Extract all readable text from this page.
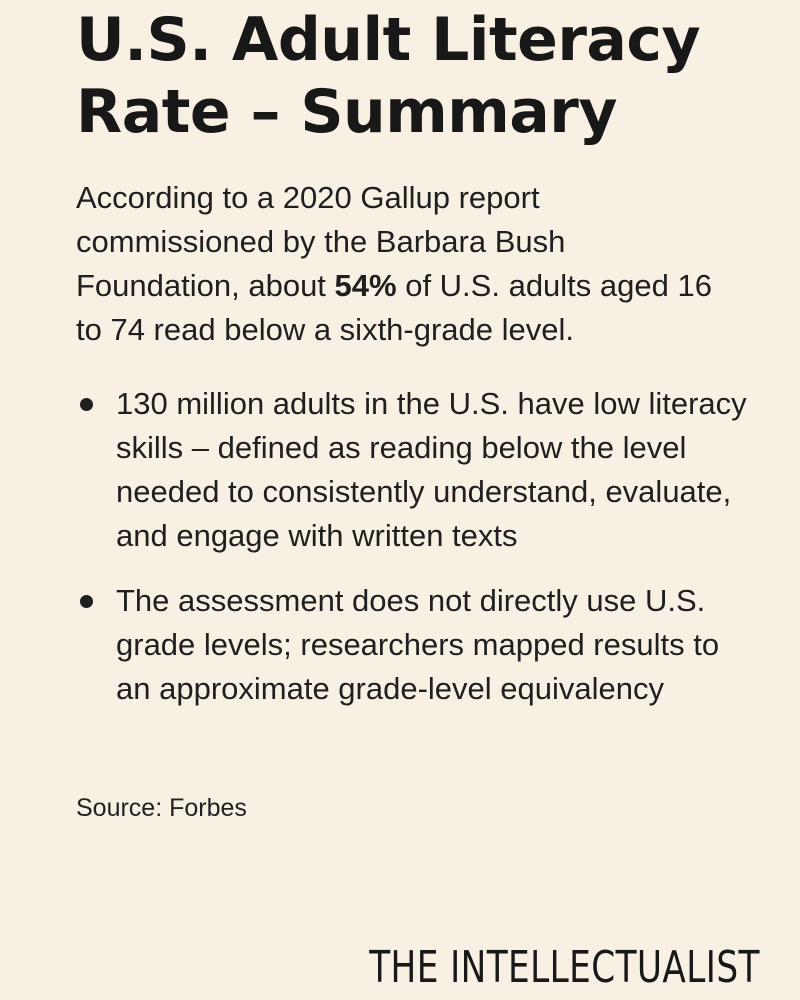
U.S. Adult Literacy Rate – Summary

According to a 2020 Gallup report commissioned by the Barbara Bush Foundation, about 54% of U.S. adults aged 16 to 74 read below a sixth-grade level.

130 million adults in the U.S. have low literacy skills – defined as reading below the level needed to consistently understand, evaluate, and engage with written texts
The assessment does not directly use U.S. grade levels; researchers mapped results to an approximate grade-level equivalency

Source: Forbes

THE INTELLECTUALIST
